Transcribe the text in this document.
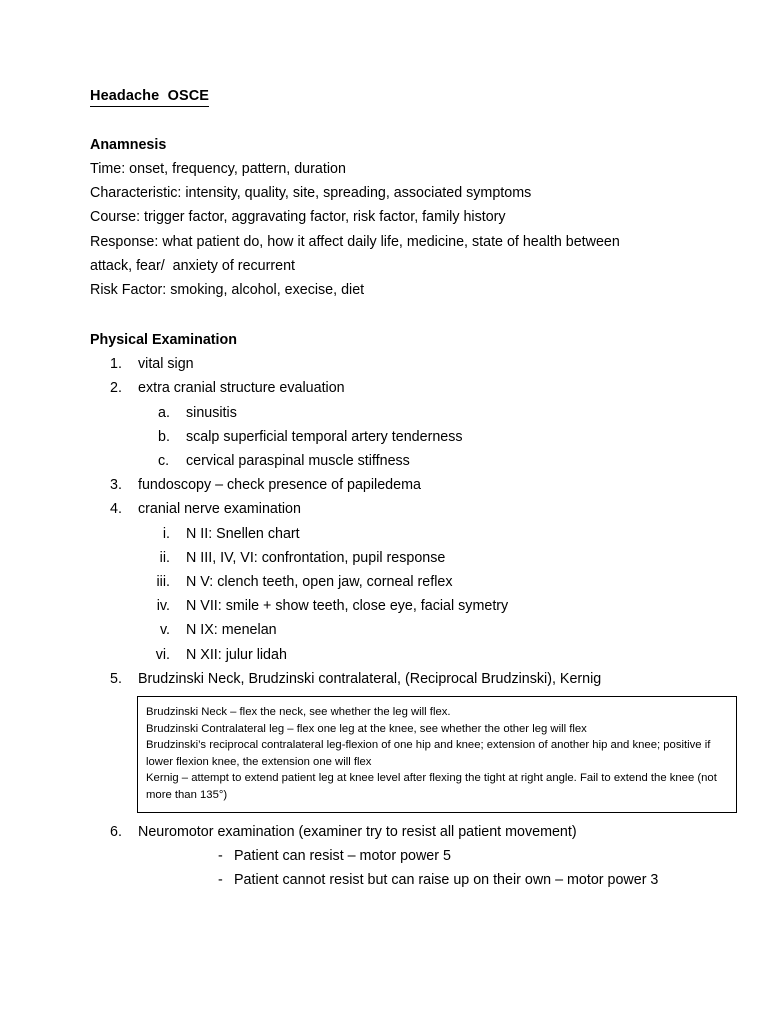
Headache  OSCE
Anamnesis

Time: onset, frequency, pattern, duration

Characteristic: intensity, quality, site, spreading, associated symptoms

Course: trigger factor, aggravating factor, risk factor, family history

Response: what patient do, how it affect daily life, medicine, state of health between

attack, fear/  anxiety of recurrent

Risk Factor: smoking, alcohol, execise, diet

Physical Examination
1. vital sign
2. extra cranial structure evaluation
a. sinusitis
b. scalp superficial temporal artery tenderness
c. cervical paraspinal muscle stiffness
3. fundoscopy – check presence of papiledema
4. cranial nerve examination
i. N II: Snellen chart
ii. N III, IV, VI: confrontation, pupil response
iii. N V: clench teeth, open jaw, corneal reflex
iv. N VII: smile + show teeth, close eye, facial symetry
v. N IX: menelan
vi. N XII: julur lidah
5. Brudzinski Neck, Brudzinski contralateral, (Reciprocal Brudzinski), Kernig

Brudzinski Neck – flex the neck, see whether the leg will flex.

Brudzinski Contralateral leg – flex one leg at the knee, see whether the other leg will flex

Brudzinski’s reciprocal contralateral leg-flexion of one hip and knee; extension of another hip and knee; positive if lower flexion knee, the extension one will flex

Kernig – attempt to extend patient leg at knee level after flexing the tight at right angle. Fail to extend the knee (not more than 135°)

6. Neuromotor examination (examiner try to resist all patient movement)
- Patient can resist – motor power 5
- Patient cannot resist but can raise up on their own – motor power 3
